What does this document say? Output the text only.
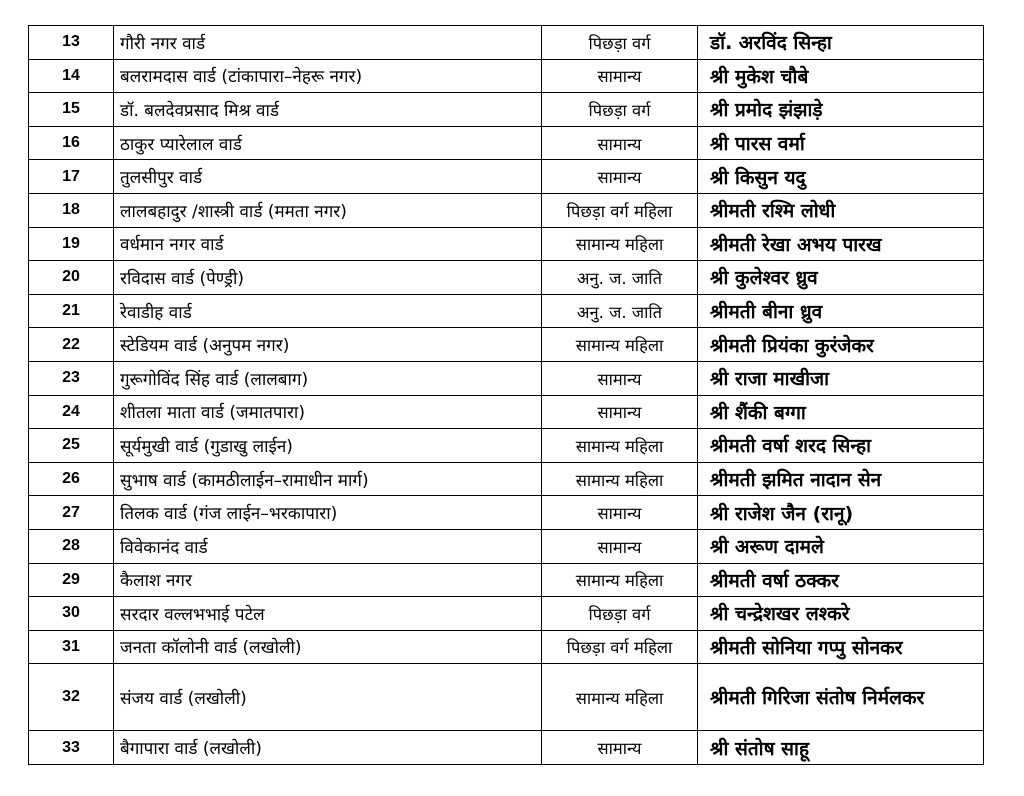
13	गौरी नगर वार्ड	पिछड़ा वर्ग	डॉ. अरविंद सिन्हा
14	बलरामदास वार्ड (टांकापारा–नेहरू नगर)	सामान्य	श्री मुकेश चौबे
15	डॉ. बलदेवप्रसाद मिश्र वार्ड	पिछड़ा वर्ग	श्री प्रमोद झंझाड़े
16	ठाकुर प्यारेलाल वार्ड	सामान्य	श्री पारस वर्मा
17	तुलसीपुर वार्ड	सामान्य	श्री किसुन यदु
18	लालबहादुर /शास्त्री वार्ड (ममता नगर)	पिछड़ा वर्ग महिला	श्रीमती रश्मि लोधी
19	वर्धमान नगर वार्ड	सामान्य महिला	श्रीमती रेखा अभय पारख
20	रविदास वार्ड (पेण्ड्री)	अनु. ज. जाति	श्री कुलेश्वर ध्रुव
21	रेवाडीह वार्ड	अनु. ज. जाति	श्रीमती बीना ध्रुव
22	स्टेडियम वार्ड (अनुपम नगर)	सामान्य महिला	श्रीमती प्रियंका कुरंजेकर
23	गुरूगोविंद सिंह वार्ड (लालबाग)	सामान्य	श्री राजा माखीजा
24	शीतला माता वार्ड (जमातपारा)	सामान्य	श्री शैंकी बग्गा
25	सूर्यमुखी वार्ड (गुडाखु लाईन)	सामान्य महिला	श्रीमती वर्षा शरद सिन्हा
26	सुभाष वार्ड (कामठीलाईन–रामाधीन मार्ग)	सामान्य महिला	श्रीमती झमित नादान सेन
27	तिलक वार्ड (गंज लाईन–भरकापारा)	सामान्य	श्री राजेश जैन (रानू)
28	विवेकानंद वार्ड	सामान्य	श्री अरूण दामले
29	कैलाश नगर	सामान्य महिला	श्रीमती वर्षा ठक्कर
30	सरदार वल्लभभाई पटेल	पिछड़ा वर्ग	श्री चन्द्रेशखर लश्करे
31	जनता कॉलोनी वार्ड (लखोली)	पिछड़ा वर्ग महिला	श्रीमती सोनिया गप्पु सोनकर
32	संजय वार्ड (लखोली)	सामान्य महिला	श्रीमती गिरिजा संतोष निर्मलकर
33	बैगापारा वार्ड (लखोली)	सामान्य	श्री संतोष साहू
